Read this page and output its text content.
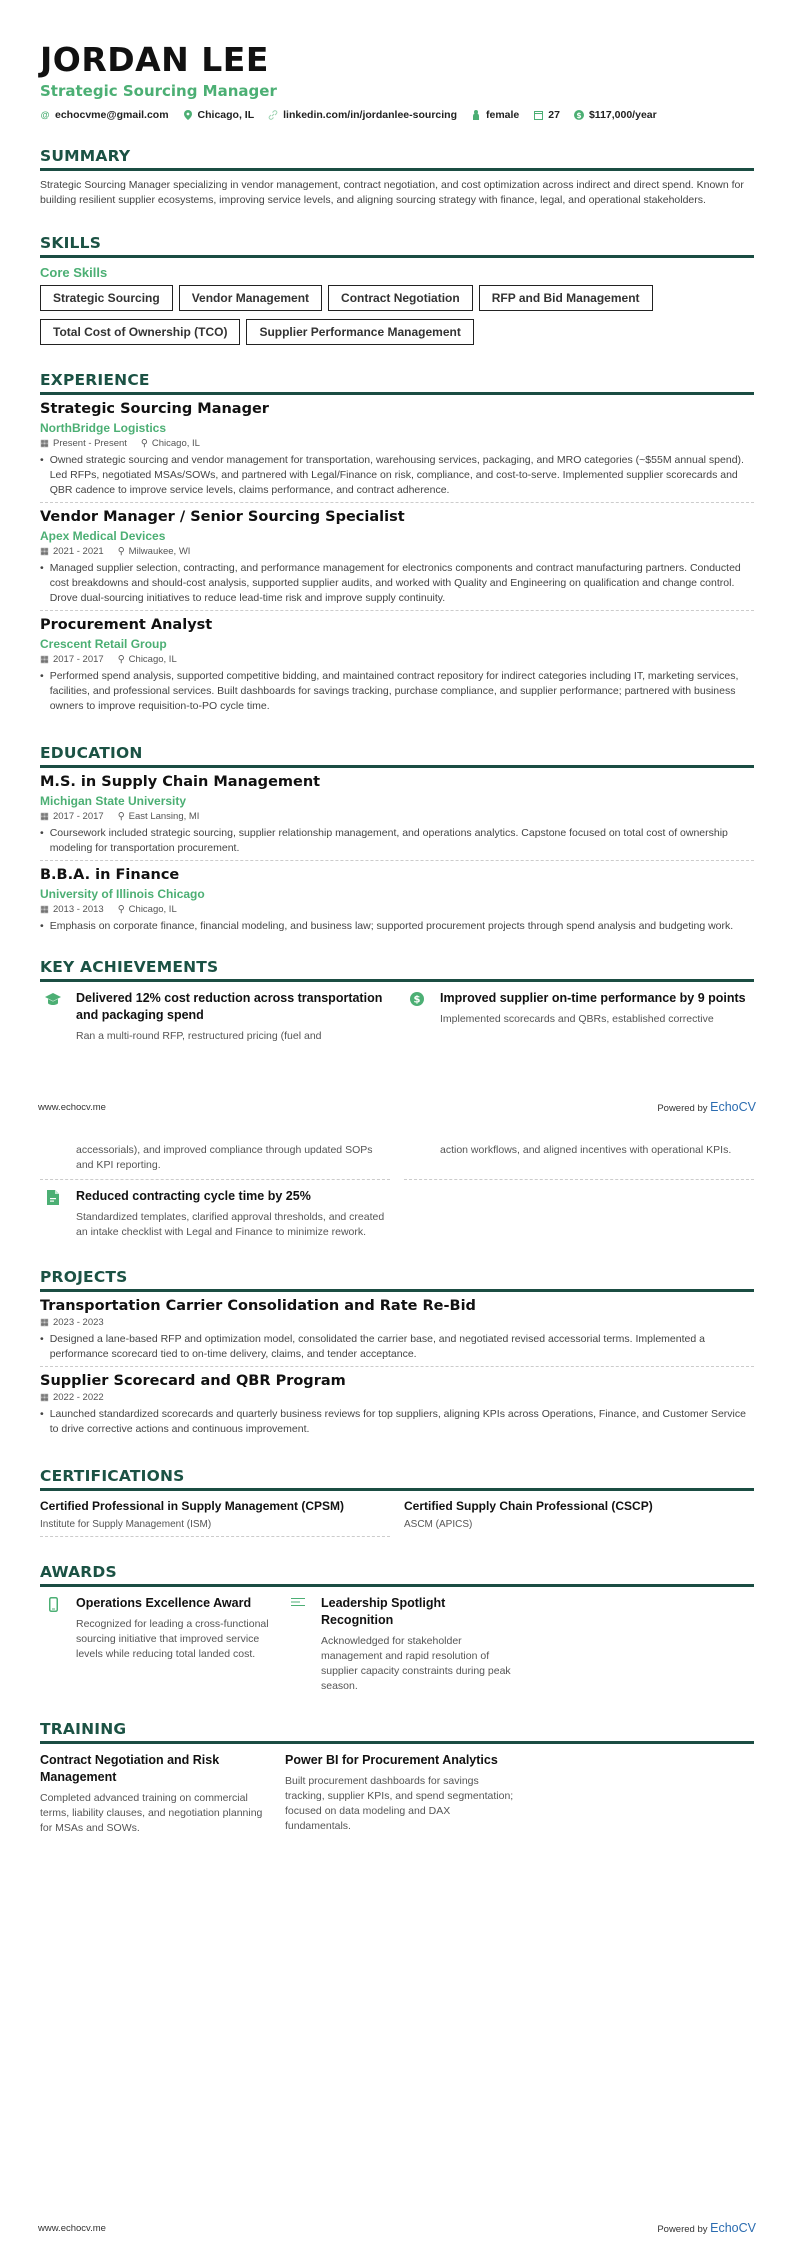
JORDAN LEE
Strategic Sourcing Manager
@ echocvme@gmail.com	Chicago, IL	linkedin.com/in/jordanlee-sourcing	female	27 $ $117,000/year
SUMMARY
Strategic Sourcing Manager specializing in vendor management, contract negotiation, and cost optimization across indirect and direct spend. Known for building resilient supplier ecosystems, improving service levels, and aligning sourcing strategy with finance, legal, and operational stakeholders.
SKILLS
Core Skills
Strategic Sourcing	Vendor Management	Contract Negotiation	RFP and Bid Management
Total Cost of Ownership (TCO)	Supplier Performance Management
EXPERIENCE
Strategic Sourcing Manager
NorthBridge Logistics
▦ Present - Present ⚲ Chicago, IL
• Owned strategic sourcing and vendor management for transportation, warehousing services, packaging, and MRO categories (~$55M annual spend). Led RFPs, negotiated MSAs/SOWs, and partnered with Legal/Finance on risk, compliance, and cost-to-serve. Implemented supplier scorecards and QBR cadence to improve service levels, claims performance, and contract adherence.
Vendor Manager / Senior Sourcing Specialist
Apex Medical Devices
▦ 2021 - 2021 ⚲ Milwaukee, WI
• Managed supplier selection, contracting, and performance management for electronics components and contract manufacturing partners. Conducted cost breakdowns and should-cost analysis, supported supplier audits, and worked with Quality and Engineering on qualification and change control. Drove dual-sourcing initiatives to reduce lead-time risk and improve supply continuity.
Procurement Analyst
Crescent Retail Group
▦ 2017 - 2017 ⚲ Chicago, IL
• Performed spend analysis, supported competitive bidding, and maintained contract repository for indirect categories including IT, marketing services, facilities, and professional services. Built dashboards for savings tracking, purchase compliance, and supplier performance; partnered with business owners to improve requisition-to-PO cycle time.
EDUCATION
M.S. in Supply Chain Management
Michigan State University
▦ 2017 - 2017 ⚲ East Lansing, MI
• Coursework included strategic sourcing, supplier relationship management, and operations analytics. Capstone focused on total cost of ownership modeling for transportation procurement.
B.B.A. in Finance
University of Illinois Chicago
▦ 2013 - 2013 ⚲ Chicago, IL
• Emphasis on corporate finance, financial modeling, and business law; supported procurement projects through spend analysis and budgeting work.
KEY ACHIEVEMENTS
Delivered 12% cost reduction across transportation and packaging spend
Ran a multi-round RFP, restructured pricing (fuel and
$ Improved supplier on-time performance by 9 points
Implemented scorecards and QBRs, established corrective
www.echocv.me	Powered by EchoCV
accessorials), and improved compliance through updated SOPs and KPI reporting.
action workflows, and aligned incentives with operational KPIs.
Reduced contracting cycle time by 25%
Standardized templates, clarified approval thresholds, and created an intake checklist with Legal and Finance to minimize rework.
PROJECTS
Transportation Carrier Consolidation and Rate Re-Bid
▦ 2023 - 2023
• Designed a lane-based RFP and optimization model, consolidated the carrier base, and negotiated revised accessorial terms. Implemented a performance scorecard tied to on-time delivery, claims, and tender acceptance.
Supplier Scorecard and QBR Program
▦ 2022 - 2022
• Launched standardized scorecards and quarterly business reviews for top suppliers, aligning KPIs across Operations, Finance, and Customer Service to drive corrective actions and continuous improvement.
CERTIFICATIONS
Certified Professional in Supply Management (CPSM)
Institute for Supply Management (ISM)
Certified Supply Chain Professional (CSCP)
ASCM (APICS)
AWARDS
Operations Excellence Award
Recognized for leading a cross-functional sourcing initiative that improved service levels while reducing total landed cost.
Leadership Spotlight Recognition
Acknowledged for stakeholder management and rapid resolution of supplier capacity constraints during peak season.
TRAINING
Contract Negotiation and Risk Management
Completed advanced training on commercial terms, liability clauses, and negotiation planning for MSAs and SOWs.
Power BI for Procurement Analytics
Built procurement dashboards for savings tracking, supplier KPIs, and spend segmentation; focused on data modeling and DAX fundamentals.
www.echocv.me	Powered by EchoCV
